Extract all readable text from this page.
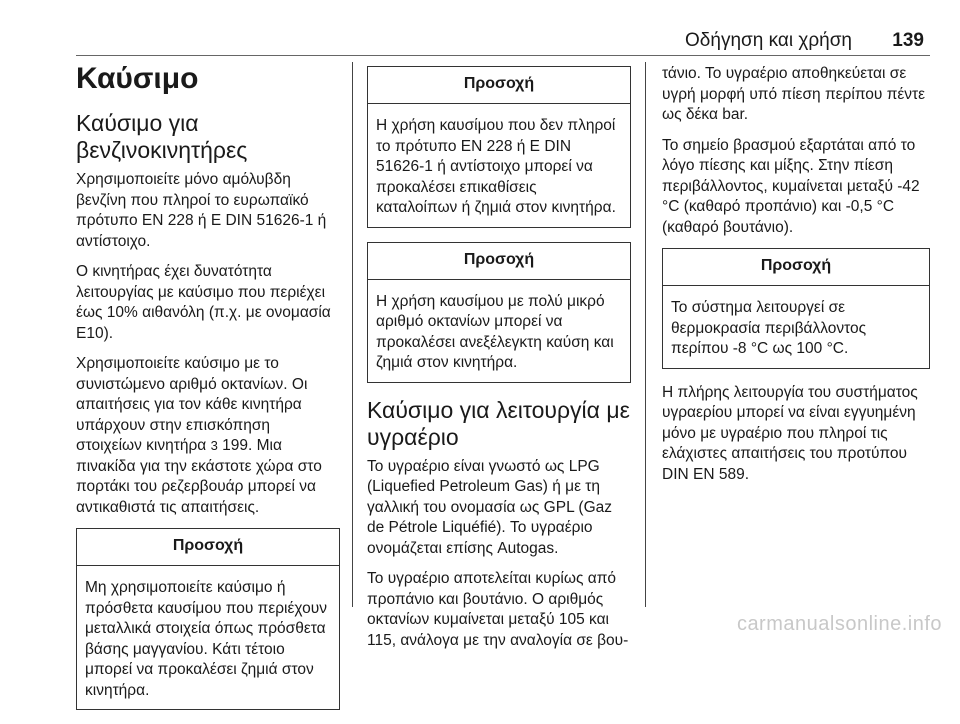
Οδήγηση και χρήση 139
Καύσιμο
Καύσιμο για βενζινοκινητήρες

Χρησιμοποιείτε μόνο αμόλυβδη βενζίνη που πληροί το ευρωπαϊκό πρότυπο EN 228 ή E DIN 51626-1 ή αντίστοιχο.

Ο κινητήρας έχει δυνατότητα λειτουργίας με καύσιμο που περιέχει έως 10% αιθανόλη (π.χ. με ονομασία E10).

Χρησιμοποιείτε καύσιμο με το συνιστώμενο αριθμό οκτανίων. Οι απαιτήσεις για τον κάθε κινητήρα υπάρχουν στην επισκόπηση στοιχείων κινητήρα 3 199. Μια πινακίδα για την εκάστοτε χώρα στο πορτάκι του ρεζερβουάρ μπορεί να αντικαθιστά τις απαιτήσεις.

Προσοχή
Μη χρησιμοποιείτε καύσιμο ή πρόσθετα καυσίμου που περιέχουν μεταλλικά στοιχεία όπως πρόσθετα βάσης μαγγανίου. Κάτι τέτοιο μπορεί να προκαλέσει ζημιά στον κινητήρα.
Προσοχή
Η χρήση καυσίμου που δεν πληροί το πρότυπο EN 228 ή E DIN 51626-1 ή αντίστοιχο μπορεί να προκαλέσει επικαθίσεις καταλοίπων ή ζημιά στον κινητήρα.
Προσοχή
Η χρήση καυσίμου με πολύ μικρό αριθμό οκτανίων μπορεί να προκαλέσει ανεξέλεγκτη καύση και ζημιά στον κινητήρα.
Καύσιμο για λειτουργία με υγραέριο

Το υγραέριο είναι γνωστό ως LPG (Liquefied Petroleum Gas) ή με τη γαλλική του ονομασία ως GPL (Gaz de Pétrole Liquéfié). Το υγραέριο ονομάζεται επίσης Autogas.

Το υγραέριο αποτελείται κυρίως από προπάνιο και βουτάνιο. Ο αριθμός οκτανίων κυμαίνεται μεταξύ 105 και 115, ανάλογα με την αναλογία σε βου-

τάνιο. Το υγραέριο αποθηκεύεται σε υγρή μορφή υπό πίεση περίπου πέντε ως δέκα bar.

Το σημείο βρασμού εξαρτάται από το λόγο πίεσης και μίξης. Στην πίεση περιβάλλοντος, κυμαίνεται μεταξύ -42 °C (καθαρό προπάνιο) και -0,5 °C (καθαρό βουτάνιο).

Προσοχή
Το σύστημα λειτουργεί σε θερμοκρασία περιβάλλοντος περίπου -8 °C ως 100 °C.

Η πλήρης λειτουργία του συστήματος υγραερίου μπορεί να είναι εγγυημένη μόνο με υγραέριο που πληροί τις ελάχιστες απαιτήσεις του προτύπου DIN EN 589.

carmanualsonline.info
